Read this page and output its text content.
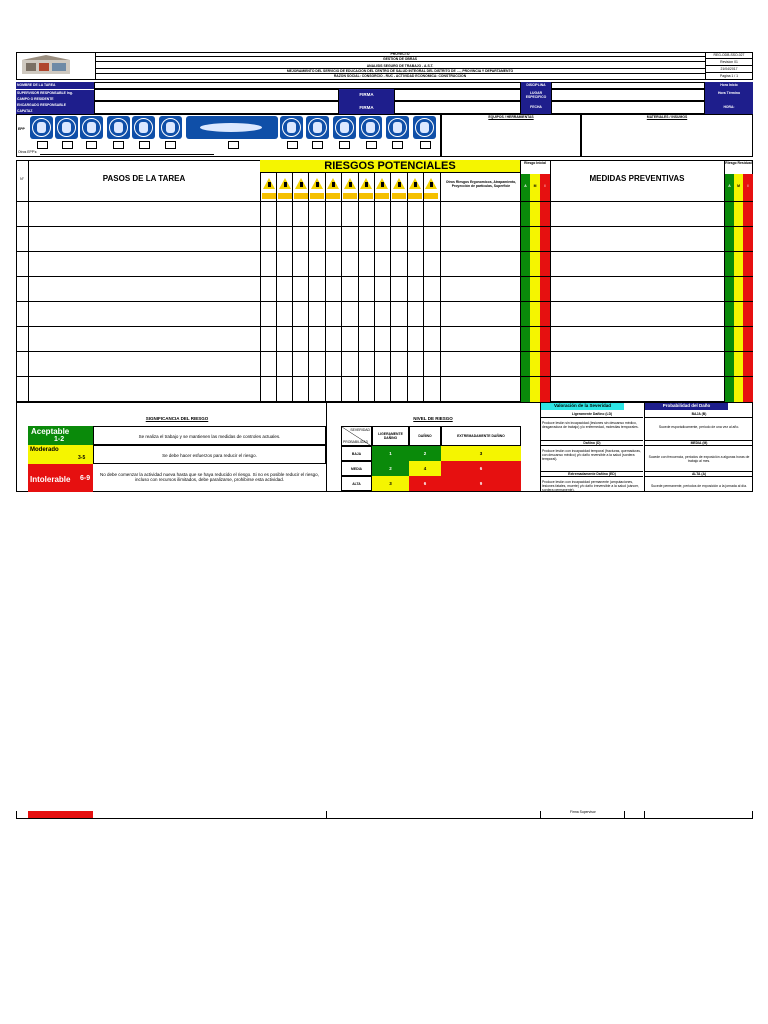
PROYECTO
GESTION DE OBRAS
ANALISIS SEGURO DE TRABAJO - A.S.T.
MEJORAMIENTO DEL SERVICIO DE EDUCACION DEL CENTRO DE SALUD INTEGRAL DEL DISTRITO DE ...., PROVINCIA Y DEPARTAMENTO
RAZON SOCIAL: CONSORCIO - RUC - ACTIVIDAD ECONOMICA: CONSTRUCCION
REG-ODB-SSO-027
Revision 01
21/04/2017
Pagina 1 / 1
NOMBRE DE LA TAREA
SUPERVISOR RESPONSABLE Ing.
CAMPO O RESIDENTE
ENCARGADO RESPONSABLE
CAPATAZ
FIRMA
FIRMA
DISCIPLINA
LUGAR ESPECIFICO
FECHA
Hora Inicio
Hora Término
HORA:
EPP
Otros EPP's:
EQUIPOS / HERRAMIENTAS	MATERIALES / INSUMOS
N°	PASOS DE LA TAREA
RIESGOS POTENCIALES
Otros Riesgos Ergonomicos, Atrapamiento, Proyección de partículas, Superficie
Riesgo Inicial
A	M	I
MEDIDAS PREVENTIVAS
Riesgo Residual
A	M	I
SIGNIFICANCIA DEL RIESGO
Aceptable
1-2	Se realiza el trabajo y se mantienen las medidas de controles actuales.
Moderado
3-5	Se debe hacer esfuerzos para reducir el riesgo.
Intolerable 6-9
No debe comenzar la actividad nueva hasta que se haya reducido el riesgo. Si no es posible reducir el riesgo, incluso con recursos ilimitados, debe paralizarse, prohibirse esta actividad.
NIVEL DE RIESGO
SEVERIDAD
PROBABILIDAD
LIGERAMENTE DAÑINO	DAÑINO	EXTREMADAMENTE DAÑINO
BAJA	1	2	3
MEDIA	2	4	6
ALTA	3	6	9
Valoración de la Severidad
Ligeramente Dañino (LD)
Produce lesión sin incapacidad (lesiones sin descanso médico, desgarradura de trabajo) y/o enfermedad, molestias temporales.
Dañino (D)
Produce lesión con incapacidad temporal (fracturas, quemaduras, con descanso médico) y/o daño reversible a la salud (sordera temporal).
Extremadamente Dañino (ED)
Produce lesión con incapacidad permanente (amputaciones, lesiones fatales, muerte) y/o daño irreversible a la salud (cáncer, sordera permanente).
Probabilidad del Daño
BAJA (B)
Sucede esporádicamente, periodo de una vez al año.
MEDIA (M)
Sucede con frecuencia, periodos de exposición a algunas horas de trabajo al mes.
ALTA (A)
Sucede permanente, periodos de exposición a la jornada al día.
Firma Supervisor
